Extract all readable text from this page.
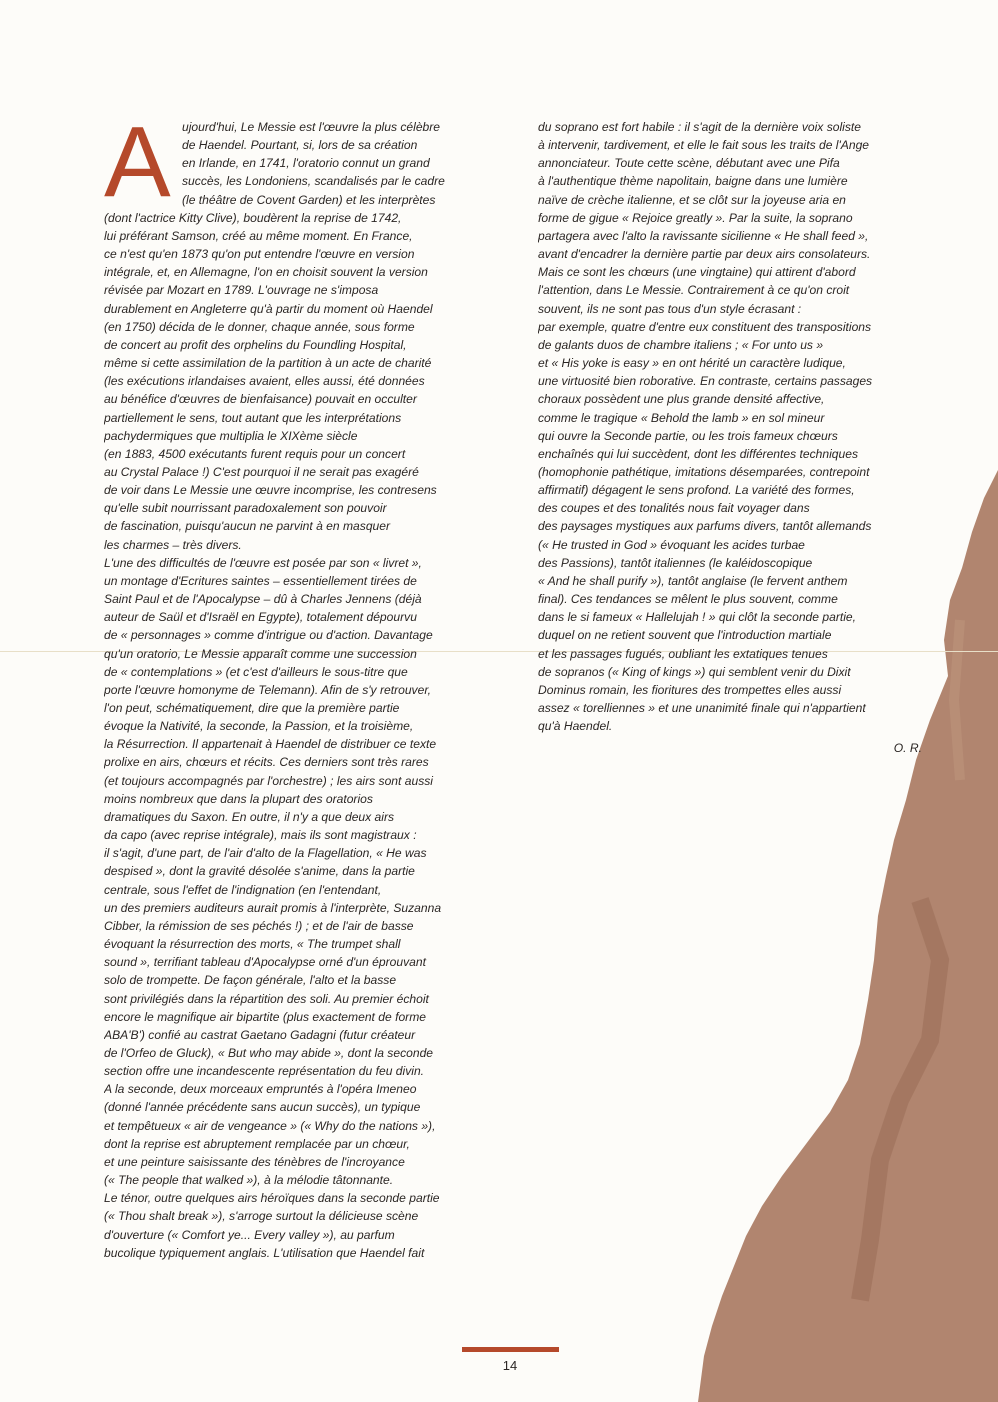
A ujourd'hui, Le Messie est l'œuvre la plus célèbre

de Haendel. Pourtant, si, lors de sa création

en Irlande, en 1741, l'oratorio connut un grand

succès, les Londoniens, scandalisés par le cadre

(le théâtre de Covent Garden) et les interprètes

(dont l'actrice Kitty Clive), boudèrent la reprise de 1742,

lui préférant Samson, créé au même moment. En France,

ce n'est qu'en 1873 qu'on put entendre l'œuvre en version

intégrale, et, en Allemagne, l'on en choisit souvent la version

révisée par Mozart en 1789. L'ouvrage ne s'imposa

durablement en Angleterre qu'à partir du moment où Haendel

(en 1750) décida de le donner, chaque année, sous forme

de concert au profit des orphelins du Foundling Hospital,

même si cette assimilation de la partition à un acte de charité

(les exécutions irlandaises avaient, elles aussi, été données

au bénéfice d'œuvres de bienfaisance) pouvait en occulter

partiellement le sens, tout autant que les interprétations

pachydermiques que multiplia le XIXème siècle

(en 1883, 4500 exécutants furent requis pour un concert

au Crystal Palace !) C'est pourquoi il ne serait pas exagéré

de voir dans Le Messie une œuvre incomprise, les contresens

qu'elle subit nourrissant paradoxalement son pouvoir

de fascination, puisqu'aucun ne parvint à en masquer

les charmes – très divers.

L'une des difficultés de l'œuvre est posée par son « livret »,

un montage d'Ecritures saintes – essentiellement tirées de

Saint Paul et de l'Apocalypse – dû à Charles Jennens (déjà

auteur de Saül et d'Israël en Egypte), totalement dépourvu

de « personnages » comme d'intrigue ou d'action. Davantage

qu'un oratorio, Le Messie apparaît comme une succession

de « contemplations » (et c'est d'ailleurs le sous-titre que

porte l'œuvre homonyme de Telemann). Afin de s'y retrouver,

l'on peut, schématiquement, dire que la première partie

évoque la Nativité, la seconde, la Passion, et la troisième,

la Résurrection. Il appartenait à Haendel de distribuer ce texte

prolixe en airs, chœurs et récits. Ces derniers sont très rares

(et toujours accompagnés par l'orchestre) ; les airs sont aussi

moins nombreux que dans la plupart des oratorios

dramatiques du Saxon. En outre, il n'y a que deux airs

da capo (avec reprise intégrale), mais ils sont magistraux :

il s'agit, d'une part, de l'air d'alto de la Flagellation, « He was

despised », dont la gravité désolée s'anime, dans la partie

centrale, sous l'effet de l'indignation (en l'entendant,

un des premiers auditeurs aurait promis à l'interprète, Suzanna

Cibber, la rémission de ses péchés !) ; et de l'air de basse

évoquant la résurrection des morts, « The trumpet shall

sound », terrifiant tableau d'Apocalypse orné d'un éprouvant

solo de trompette. De façon générale, l'alto et la basse

sont privilégiés dans la répartition des soli. Au premier échoit

encore le magnifique air bipartite (plus exactement de forme

ABA'B') confié au castrat Gaetano Gadagni (futur créateur

de l'Orfeo de Gluck), « But who may abide », dont la seconde

section offre une incandescente représentation du feu divin.

A la seconde, deux morceaux empruntés à l'opéra Imeneo

(donné l'année précédente sans aucun succès), un typique

et tempêtueux « air de vengeance » (« Why do the nations »),

dont la reprise est abruptement remplacée par un chœur,

et une peinture saisissante des ténèbres de l'incroyance

(« The people that walked »), à la mélodie tâtonnante.

Le ténor, outre quelques airs héroïques dans la seconde partie

(« Thou shalt break »), s'arroge surtout la délicieuse scène

d'ouverture (« Comfort ye... Every valley »), au parfum

bucolique typiquement anglais. L'utilisation que Haendel fait

du soprano est fort habile : il s'agit de la dernière voix soliste

à intervenir, tardivement, et elle le fait sous les traits de l'Ange

annonciateur. Toute cette scène, débutant avec une Pifa

à l'authentique thème napolitain, baigne dans une lumière

naïve de crèche italienne, et se clôt sur la joyeuse aria en

forme de gigue « Rejoice greatly ». Par la suite, la soprano

partagera avec l'alto la ravissante sicilienne « He shall feed »,

avant d'encadrer la dernière partie par deux airs consolateurs.

Mais ce sont les chœurs (une vingtaine) qui attirent d'abord

l'attention, dans Le Messie. Contrairement à ce qu'on croit

souvent, ils ne sont pas tous d'un style écrasant :

par exemple, quatre d'entre eux constituent des transpositions

de galants duos de chambre italiens ; « For unto us »

et « His yoke is easy » en ont hérité un caractère ludique,

une virtuosité bien roborative. En contraste, certains passages

choraux possèdent une plus grande densité affective,

comme le tragique « Behold the lamb » en sol mineur

qui ouvre la Seconde partie, ou les trois fameux chœurs

enchaînés qui lui succèdent, dont les différentes techniques

(homophonie pathétique, imitations désemparées, contrepoint

affirmatif) dégagent le sens profond. La variété des formes,

des coupes et des tonalités nous fait voyager dans

des paysages mystiques aux parfums divers, tantôt allemands

(« He trusted in God » évoquant les acides turbae

des Passions), tantôt italiennes (le kaléidoscopique

« And he shall purify »), tantôt anglaise (le fervent anthem

final). Ces tendances se mêlent le plus souvent, comme

dans le si fameux « Hallelujah ! » qui clôt la seconde partie,

duquel on ne retient souvent que l'introduction martiale

et les passages fugués, oubliant les extatiques tenues

de sopranos (« King of kings ») qui semblent venir du Dixit

Dominus romain, les fioritures des trompettes elles aussi

assez « torelliennes » et une unanimité finale qui n'appartient

qu'à Haendel.

O. R.
14
